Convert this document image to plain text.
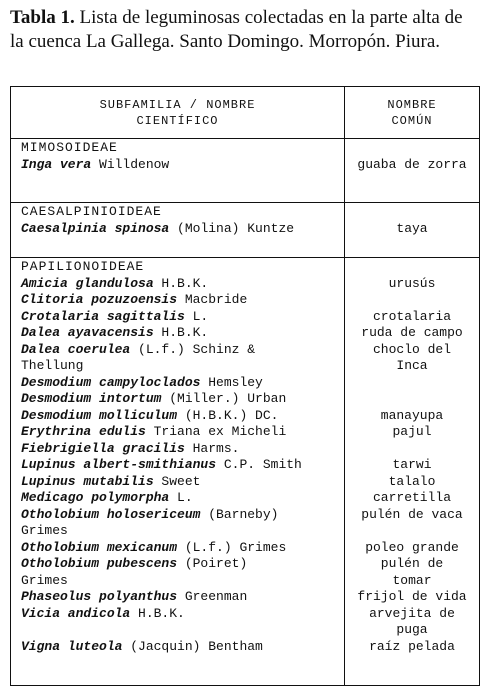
Tabla 1. Lista de leguminosas colectadas en la parte alta de la cuenca La Gallega. Santo Domingo. Morropón. Piura.
SUBFAMILIA / NOMBRE
CIENTÍFICO
NOMBRE
COMÚN
MIMOSOIDEAE
Inga vera Willdenow	guaba de zorra
CAESALPINIOIDEAE
Caesalpinia spinosa (Molina) Kuntze	taya
PAPILIONOIDEAE
Amicia glandulosa H.B.K.	urusús
Clitoria pozuzoensis Macbride
Crotalaria sagittalis L.	crotalaria
Dalea ayavacensis H.B.K.	ruda de campo
Dalea coerulea (L.f.) Schinz &	choclo del
Thellung	Inca
Desmodium campyloclados Hemsley
Desmodium intortum (Miller.) Urban
Desmodium molliculum (H.B.K.) DC.	manayupa
Erythrina edulis Triana ex Micheli	pajul
Fiebrigiella gracilis Harms.
Lupinus albert-smithianus C.P. Smith	tarwi
Lupinus mutabilis Sweet	talalo
Medicago polymorpha L.	carretilla
Otholobium holosericeum (Barneby)	pulén de vaca
Grimes
Otholobium mexicanum (L.f.) Grimes	poleo grande
Otholobium pubescens (Poiret)	pulén de
Grimes	tomar
Phaseolus polyanthus Greenman	frijol de vida
Vicia andicola H.B.K.	arvejita de
puga
Vigna luteola (Jacquin) Bentham	raíz pelada
